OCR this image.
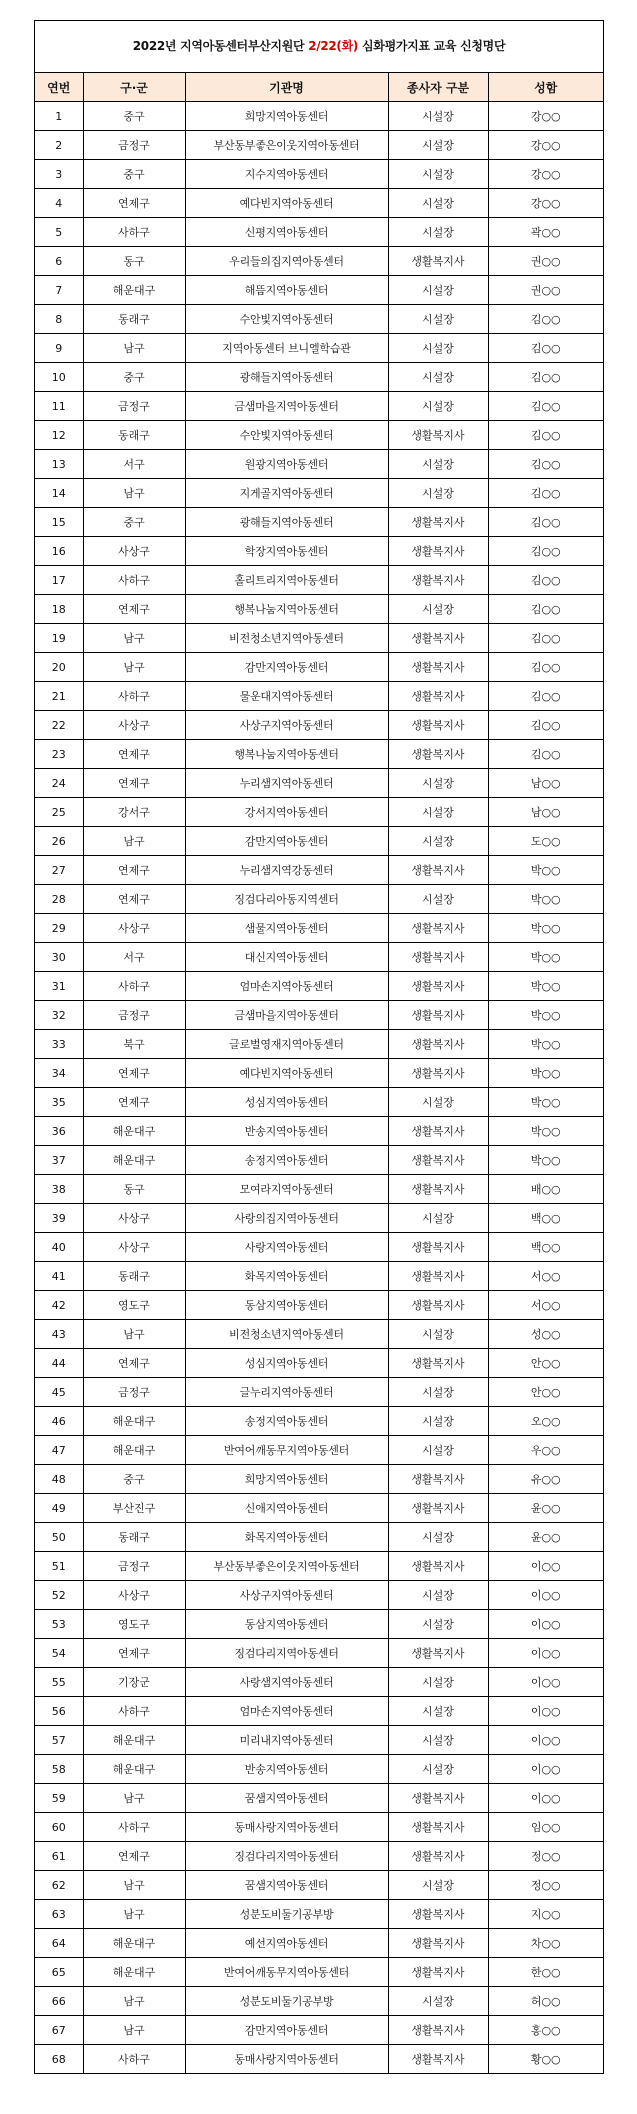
2022년 지역아동센터부산지원단 2/22(화) 심화평가지표 교육 신청명단
연번	구·군	기관명	종사자 구분	성함
1	중구	희망지역아동센터	시설장	강○○
2	금정구	부산동부좋은이웃지역아동센터	시설장	강○○
3	중구	지수지역아동센터	시설장	강○○
4	연제구	예다빈지역아동센터	시설장	강○○
5	사하구	신평지역아동센터	시설장	곽○○
6	동구	우리들의집지역아동센터	생활복지사	권○○
7	해운대구	해뜸지역아동센터	시설장	권○○
8	동래구	수안빛지역아동센터	시설장	김○○
9	남구	지역아동센터 브니엘학습관	시설장	김○○
10	중구	광해들지역아동센터	시설장	김○○
11	금정구	금샘마을지역아동센터	시설장	김○○
12	동래구	수안빛지역아동센터	생활복지사	김○○
13	서구	원광지역아동센터	시설장	김○○
14	남구	지게골지역아동센터	시설장	김○○
15	중구	광해들지역아동센터	생활복지사	김○○
16	사상구	학장지역아동센터	생활복지사	김○○
17	사하구	홀리트리지역아동센터	생활복지사	김○○
18	연제구	행복나눔지역아동센터	시설장	김○○
19	남구	비전청소년지역아동센터	생활복지사	김○○
20	남구	감만지역아동센터	생활복지사	김○○
21	사하구	물운대지역아동센터	생활복지사	김○○
22	사상구	사상구지역아동센터	생활복지사	김○○
23	연제구	행복나눔지역아동센터	생활복지사	김○○
24	연제구	누리샘지역아동센터	시설장	남○○
25	강서구	강서지역아동센터	시설장	남○○
26	남구	감만지역아동센터	시설장	도○○
27	연제구	누리샘지역강동센터	생활복지사	박○○
28	연제구	징검다리아동지역센터	시설장	박○○
29	사상구	샘물지역아동센터	생활복지사	박○○
30	서구	대신지역아동센터	생활복지사	박○○
31	사하구	엄마손지역아동센터	생활복지사	박○○
32	금정구	금샘마을지역아동센터	생활복지사	박○○
33	북구	글로벌영재지역아동센터	생활복지사	박○○
34	연제구	예다빈지역아동센터	생활복지사	박○○
35	연제구	성심지역아동센터	시설장	박○○
36	해운대구	반송지역아동센터	생활복지사	박○○
37	해운대구	송정지역아동센터	생활복지사	박○○
38	동구	모여라지역아동센터	생활복지사	배○○
39	사상구	사랑의집지역아동센터	시설장	백○○
40	사상구	사랑지역아동센터	생활복지사	백○○
41	동래구	화목지역아동센터	생활복지사	서○○
42	영도구	동삼지역아동센터	생활복지사	서○○
43	남구	비전청소년지역아동센터	시설장	성○○
44	연제구	성심지역아동센터	생활복지사	안○○
45	금정구	글누리지역아동센터	시설장	안○○
46	해운대구	송정지역아동센터	시설장	오○○
47	해운대구	반여어깨동무지역아동센터	시설장	우○○
48	중구	희망지역아동센터	생활복지사	유○○
49	부산진구	신애지역아동센터	생활복지사	윤○○
50	동래구	화목지역아동센터	시설장	윤○○
51	금정구	부산동부좋은이웃지역아동센터	생활복지사	이○○
52	사상구	사상구지역아동센터	시설장	이○○
53	영도구	동삼지역아동센터	시설장	이○○
54	연제구	징검다리지역아동센터	생활복지사	이○○
55	기장군	사랑샘지역아동센터	시설장	이○○
56	사하구	엄마손지역아동센터	시설장	이○○
57	해운대구	미리내지역아동센터	시설장	이○○
58	해운대구	반송지역아동센터	시설장	이○○
59	남구	꿈샘지역아동센터	생활복지사	이○○
60	사하구	동매사랑지역아동센터	생활복지사	임○○
61	연제구	징검다리지역아동센터	생활복지사	정○○
62	남구	꿈샘지역아동센터	시설장	정○○
63	남구	성분도비둘기공부방	생활복지사	지○○
64	해운대구	예선지역아동센터	생활복지사	차○○
65	해운대구	반여어깨동무지역아동센터	생활복지사	한○○
66	남구	성분도비둘기공부방	시설장	허○○
67	남구	감만지역아동센터	생활복지사	홍○○
68	사하구	동매사랑지역아동센터	생활복지사	황○○
